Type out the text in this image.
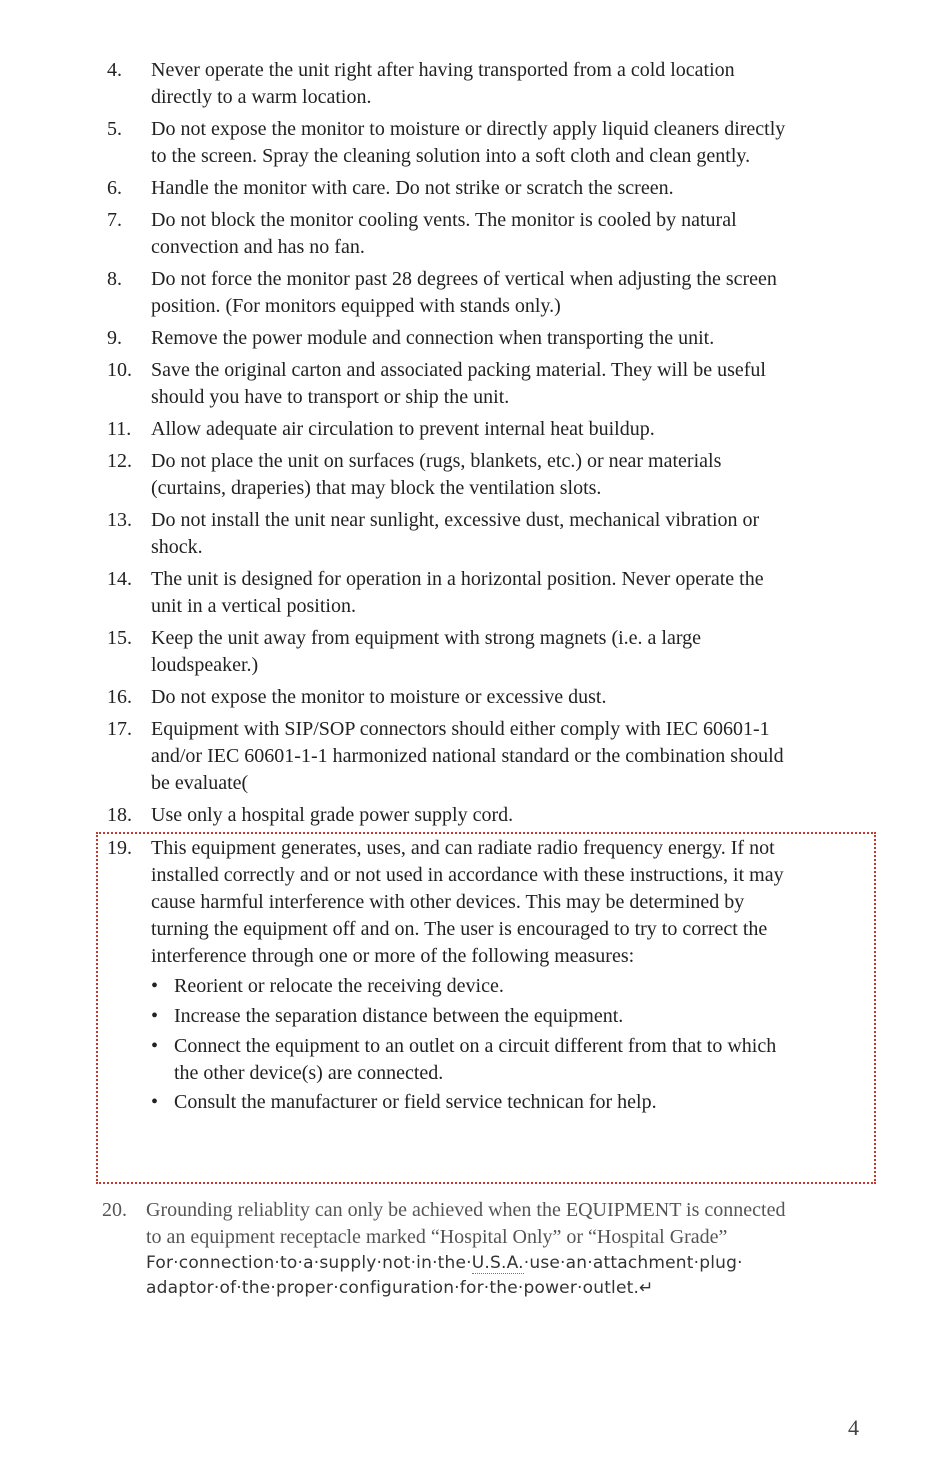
4. Never operate the unit right after having transported from a cold location
directly to a warm location.
5. Do not expose the monitor to moisture or directly apply liquid cleaners directly
to the screen. Spray the cleaning solution into a soft cloth and clean gently.
6. Handle the monitor with care. Do not strike or scratch the screen.
7. Do not block the monitor cooling vents. The monitor is cooled by natural
convection and has no fan.
8. Do not force the monitor past 28 degrees of vertical when adjusting the screen
position. (For monitors equipped with stands only.)
9. Remove the power module and connection when transporting the unit.
10. Save the original carton and associated packing material. They will be useful
should you have to transport or ship the unit.
11. Allow adequate air circulation to prevent internal heat buildup.
12. Do not place the unit on surfaces (rugs, blankets, etc.) or near materials
(curtains, draperies) that may block the ventilation slots.
13. Do not install the unit near sunlight, excessive dust, mechanical vibration or
shock.
14. The unit is designed for operation in a horizontal position. Never operate the
unit in a vertical position.
15. Keep the unit away from equipment with strong magnets (i.e. a large
loudspeaker.)
16. Do not expose the monitor to moisture or excessive dust.
17. Equipment with SIP/SOP connectors should either comply with IEC 60601-1
and/or IEC 60601-1-1 harmonized national standard or the combination should
be evaluate(
18. Use only a hospital grade power supply cord.
19. This equipment generates, uses, and can radiate radio frequency energy. If not
installed correctly and or not used in accordance with these instructions, it may
cause harmful interference with other devices. This may be determined by
turning the equipment off and on. The user is encouraged to try to correct the
interference through one or more of the following measures:
• Reorient or relocate the receiving device.
• Increase the separation distance between the equipment.
• Connect the equipment to an outlet on a circuit different from that to which
the other device(s) are connected.
• Consult the manufacturer or field service technican for help.
20. Grounding reliablity can only be achieved when the EQUIPMENT is connected
to an equipment receptacle marked “Hospital Only” or “Hospital Grade”
For·connection·to·a·supply·not·in·the·U.S.A.·use·an·attachment·plug·
adaptor·of·the·proper·configuration·for·the·power·outlet.↵
4
